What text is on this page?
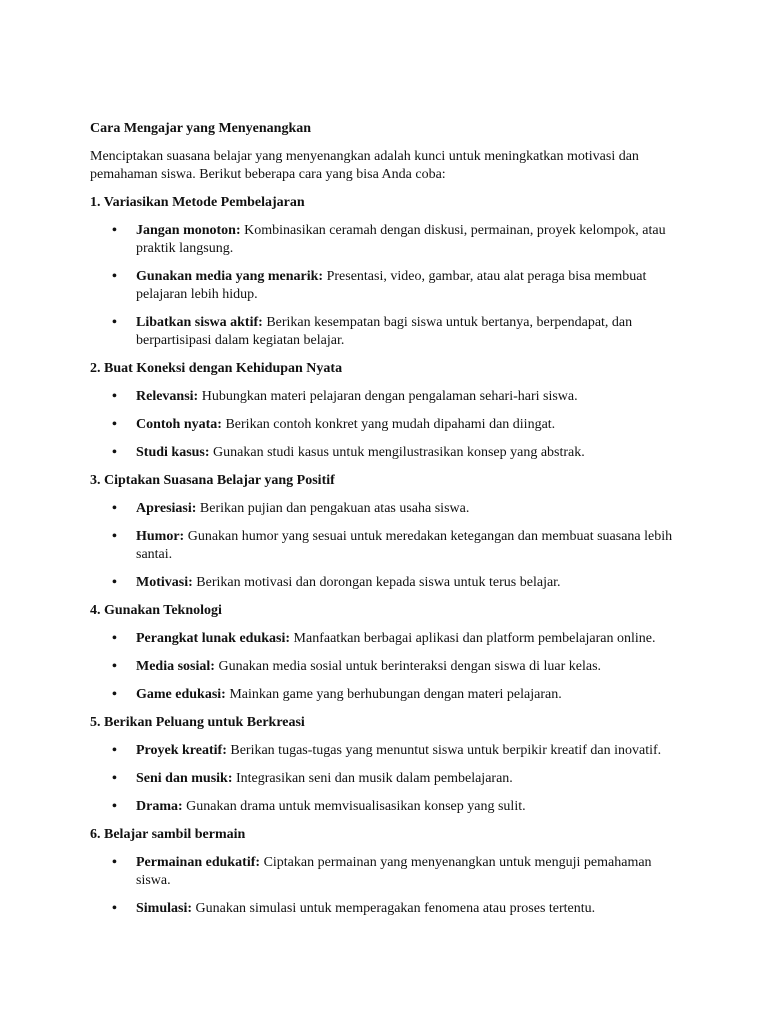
Cara Mengajar yang Menyenangkan
Menciptakan suasana belajar yang menyenangkan adalah kunci untuk meningkatkan motivasi dan pemahaman siswa. Berikut beberapa cara yang bisa Anda coba:
1. Variasikan Metode Pembelajaran
• Jangan monoton: Kombinasikan ceramah dengan diskusi, permainan, proyek kelompok, atau praktik langsung.
• Gunakan media yang menarik: Presentasi, video, gambar, atau alat peraga bisa membuat pelajaran lebih hidup.
• Libatkan siswa aktif: Berikan kesempatan bagi siswa untuk bertanya, berpendapat, dan berpartisipasi dalam kegiatan belajar.
2. Buat Koneksi dengan Kehidupan Nyata
• Relevansi: Hubungkan materi pelajaran dengan pengalaman sehari-hari siswa.
• Contoh nyata: Berikan contoh konkret yang mudah dipahami dan diingat.
• Studi kasus: Gunakan studi kasus untuk mengilustrasikan konsep yang abstrak.
3. Ciptakan Suasana Belajar yang Positif
• Apresiasi: Berikan pujian dan pengakuan atas usaha siswa.
• Humor: Gunakan humor yang sesuai untuk meredakan ketegangan dan membuat suasana lebih santai.
• Motivasi: Berikan motivasi dan dorongan kepada siswa untuk terus belajar.
4. Gunakan Teknologi
• Perangkat lunak edukasi: Manfaatkan berbagai aplikasi dan platform pembelajaran online.
• Media sosial: Gunakan media sosial untuk berinteraksi dengan siswa di luar kelas.
• Game edukasi: Mainkan game yang berhubungan dengan materi pelajaran.
5. Berikan Peluang untuk Berkreasi
• Proyek kreatif: Berikan tugas-tugas yang menuntut siswa untuk berpikir kreatif dan inovatif.
• Seni dan musik: Integrasikan seni dan musik dalam pembelajaran.
• Drama: Gunakan drama untuk memvisualisasikan konsep yang sulit.
6. Belajar sambil bermain
• Permainan edukatif: Ciptakan permainan yang menyenangkan untuk menguji pemahaman siswa.
• Simulasi: Gunakan simulasi untuk memperagakan fenomena atau proses tertentu.
